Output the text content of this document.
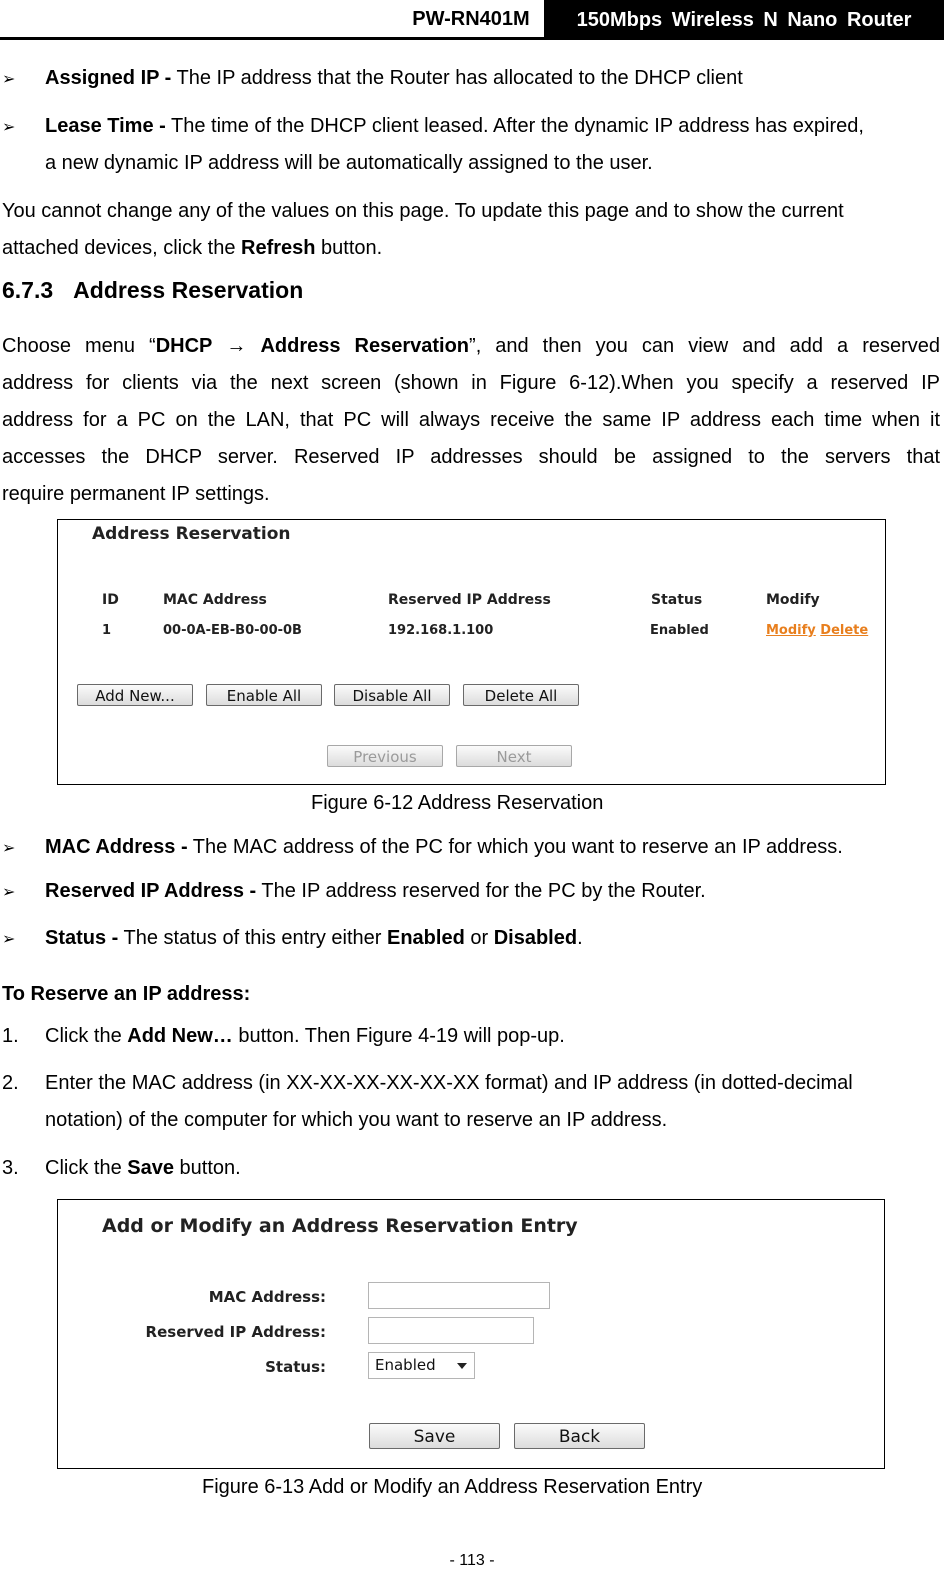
PW-RN401M	150Mbps Wireless N Nano Router
➢ Assigned IP - The IP address that the Router has allocated to the DHCP client
➢ Lease Time - The time of the DHCP client leased. After the dynamic IP address has expired,
a new dynamic IP address will be automatically assigned to the user.
You cannot change any of the values on this page. To update this page and to show the current
attached devices, click the Refresh button.
6.7.3 Address Reservation
Choose menu “DHCP → Address Reservation”, and then you can view and add a reserved
address for clients via the next screen (shown in Figure 6-12).When you specify a reserved IP
address for a PC on the LAN, that PC will always receive the same IP address each time when it
accesses the DHCP server. Reserved IP addresses should be assigned to the servers that
require permanent IP settings.
Address Reservation
ID	MAC Address	Reserved IP Address	Status	Modify
1	00-0A-EB-B0-00-0B	192.168.1.100	Enabled	Modify Delete
Add New...	Enable All	Disable All	Delete All
Previous	Next
Figure 6-12 Address Reservation
➢ MAC Address - The MAC address of the PC for which you want to reserve an IP address.
➢ Reserved IP Address - The IP address reserved for the PC by the Router.
➢ Status - The status of this entry either Enabled or Disabled.
To Reserve an IP address:
1. Click the Add New… button. Then Figure 4-19 will pop-up.
2. Enter the MAC address (in XX-XX-XX-XX-XX-XX format) and IP address (in dotted-decimal
notation) of the computer for which you want to reserve an IP address.
3. Click the Save button.
Add or Modify an Address Reservation Entry
MAC Address:
Reserved IP Address:
Status:	Enabled
Save	Back
Figure 6-13 Add or Modify an Address Reservation Entry
- 113 -
